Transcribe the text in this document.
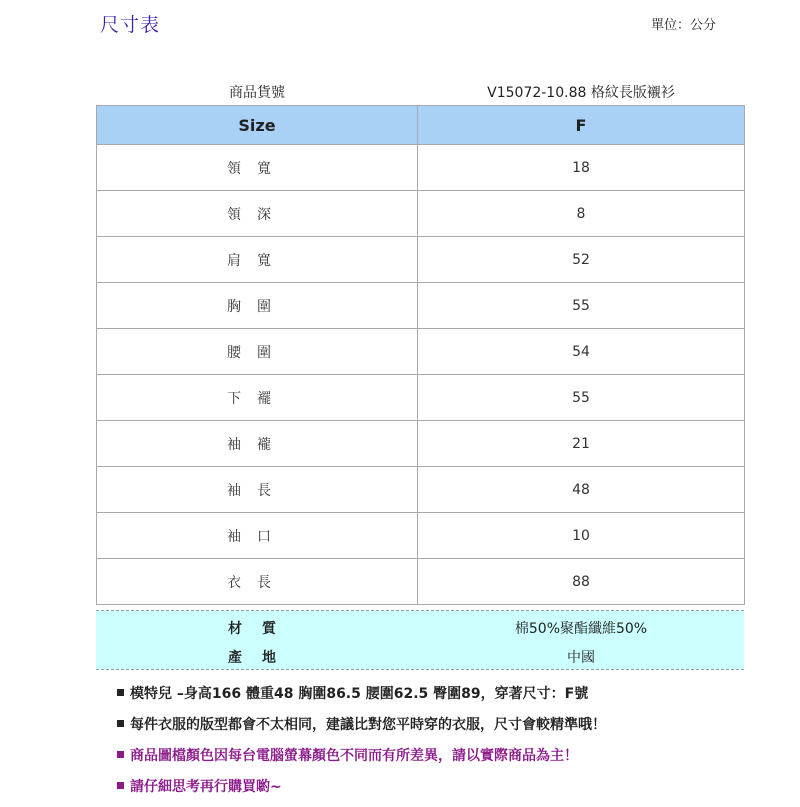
尺寸表	單位：公分
商品貨號	V15072-10.88 格紋長版襯衫
Size	F
領寬	18
領深	8
肩寬	52
胸圍	55
腰圍	54
下襬	55
袖襱	21
袖長	48
袖口	10
衣長	88
材質	棉50%聚酯纖維50%
產地	中國
模特兒 –身高166 體重48 胸圍86.5 腰圍62.5 臀圍89，穿著尺寸：F號
每件衣服的版型都會不太相同，建議比對您平時穿的衣服，尺寸會較精準哦！
商品圖檔顏色因每台電腦螢幕顏色不同而有所差異，請以實際商品為主！
請仔細思考再行購買喲~
